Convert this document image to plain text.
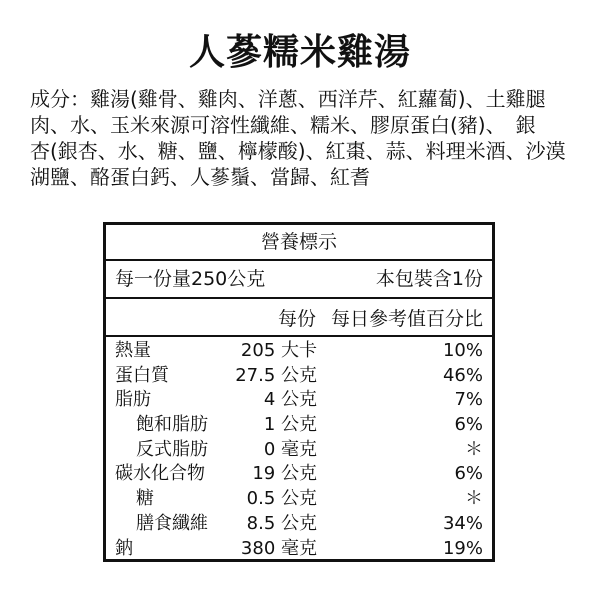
人蔘糯米雞湯
成分：雞湯(雞骨、雞肉、洋蔥、西洋芹、紅蘿蔔)、土雞腿
肉、水、玉米來源可溶性纖維、糯米、膠原蛋白(豬)、　銀
杏(銀杏、水、糖、鹽、檸檬酸)、紅棗、蒜、料理米酒、沙漠
湖鹽、酪蛋白鈣、人蔘鬚、當歸、紅耆
營養標示
每一份量250公克	本包裝含1份
每份 每日參考值百分比
熱量	205 大卡	10%
蛋白質	27.5 公克	46%
脂肪	4 公克	7%
飽和脂肪	1 公克	6%
反式脂肪	0 毫克	＊
碳水化合物	19 公克	6%
糖	0.5 公克	＊
膳食纖維 8.5 公克	34%
鈉	380 毫克	19%
